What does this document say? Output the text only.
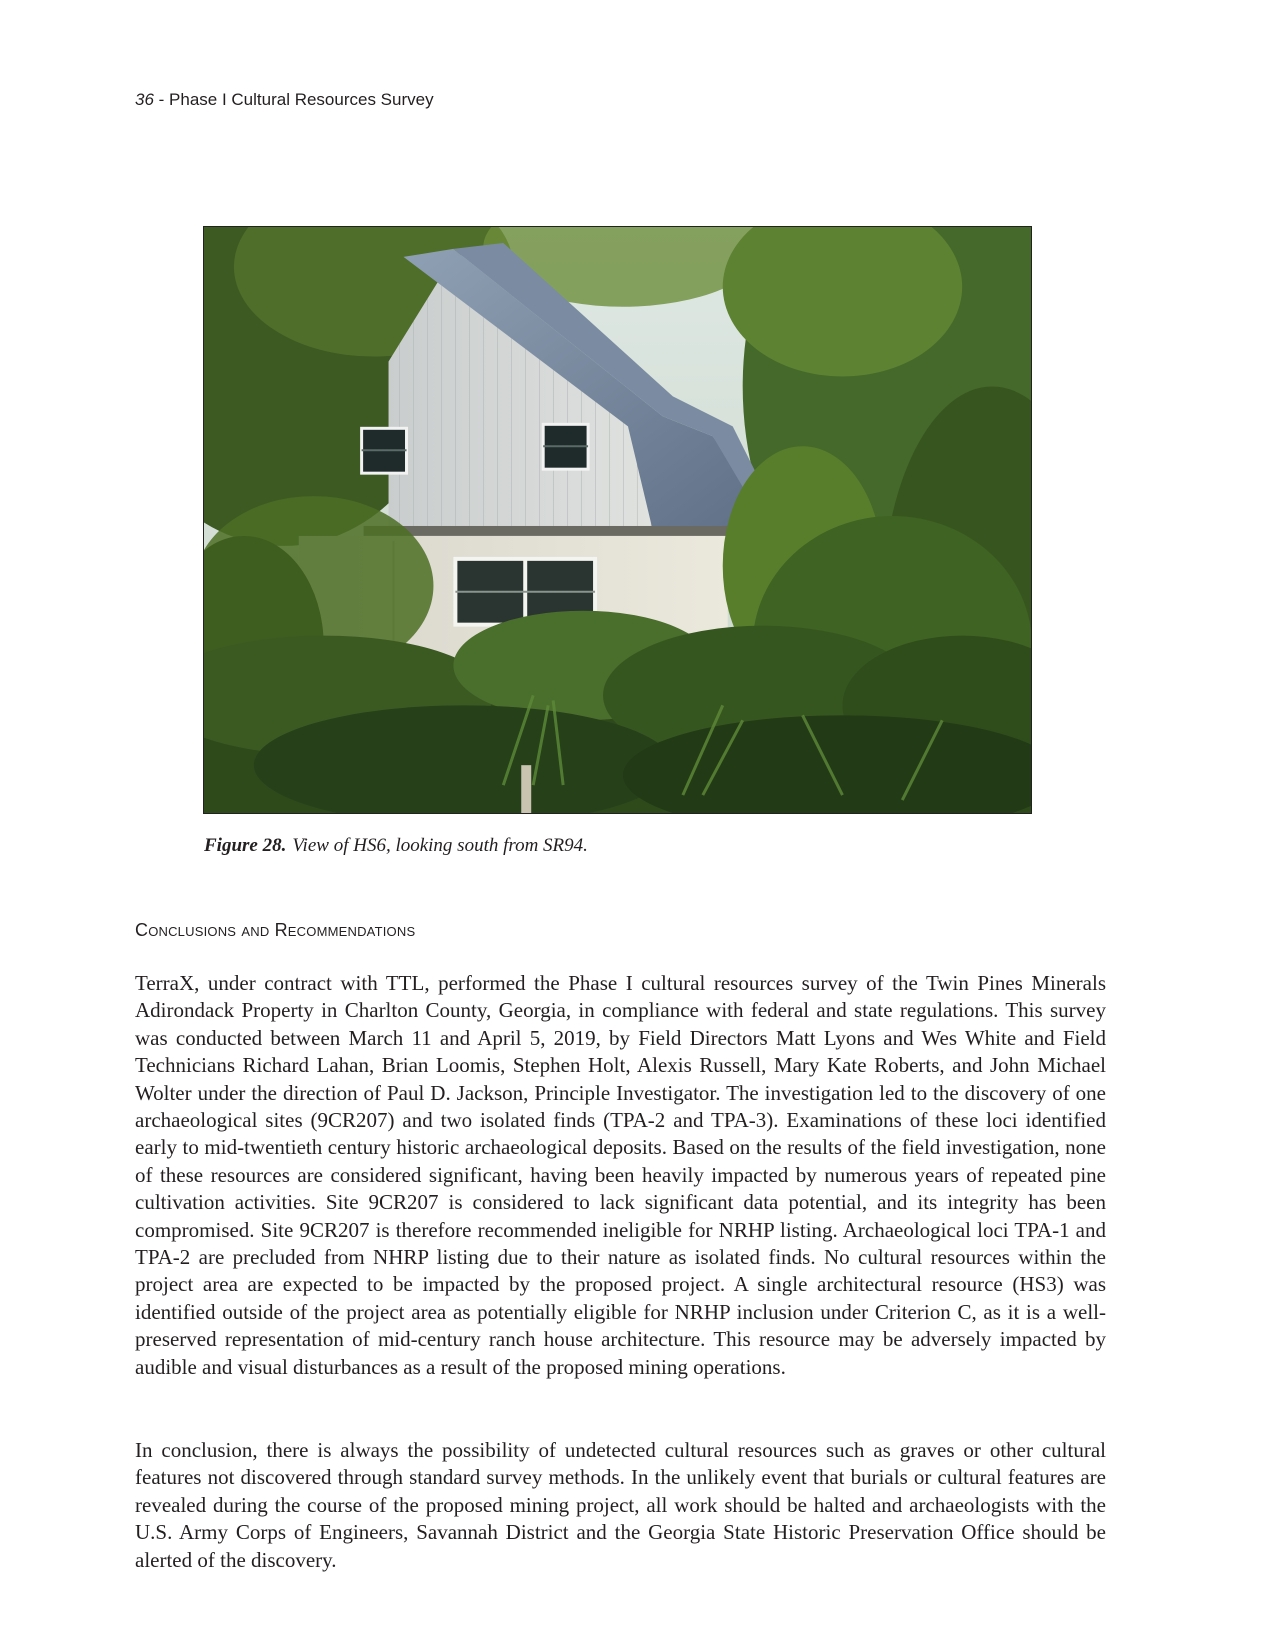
36 - Phase I Cultural Resources Survey
Figure 28. View of HS6, looking south from SR94.
Conclusions and Recommendations

TerraX, under contract with TTL, performed the Phase I cultural resources survey of the Twin Pines Minerals Adirondack Property in Charlton County, Georgia, in compliance with federal and state regulations. This survey was conducted between March 11 and April 5, 2019, by Field Directors Matt Lyons and Wes White and Field Technicians Richard Lahan, Brian Loomis, Stephen Holt, Alexis Russell, Mary Kate Roberts, and John Michael Wolter under the direction of Paul D. Jackson, Principle Investigator. The investigation led to the discovery of one archaeological sites (9CR207) and two isolated finds (TPA-2 and TPA-3). Examinations of these loci identified early to mid-twentieth century historic archaeological deposits. Based on the results of the field investigation, none of these resources are considered significant, having been heavily impacted by numerous years of repeated pine cultivation activities. Site 9CR207 is considered to lack significant data potential, and its integrity has been compromised. Site 9CR207 is therefore recommended ineligible for NRHP listing. Archaeological loci TPA-1 and TPA-2 are precluded from NHRP listing due to their nature as isolated finds. No cultural resources within the project area are expected to be impacted by the proposed project. A single architectural resource (HS3) was identified outside of the project area as potentially eligible for NRHP inclusion under Criterion C, as it is a well-preserved representation of mid-century ranch house architecture. This resource may be adversely impacted by audible and visual disturbances as a result of the proposed mining operations.

In conclusion, there is always the possibility of undetected cultural resources such as graves or other cultural features not discovered through standard survey methods. In the unlikely event that burials or cultural features are revealed during the course of the proposed mining project, all work should be halted and archaeologists with the U.S. Army Corps of Engineers, Savannah District and the Georgia State Historic Preservation Office should be alerted of the discovery.
